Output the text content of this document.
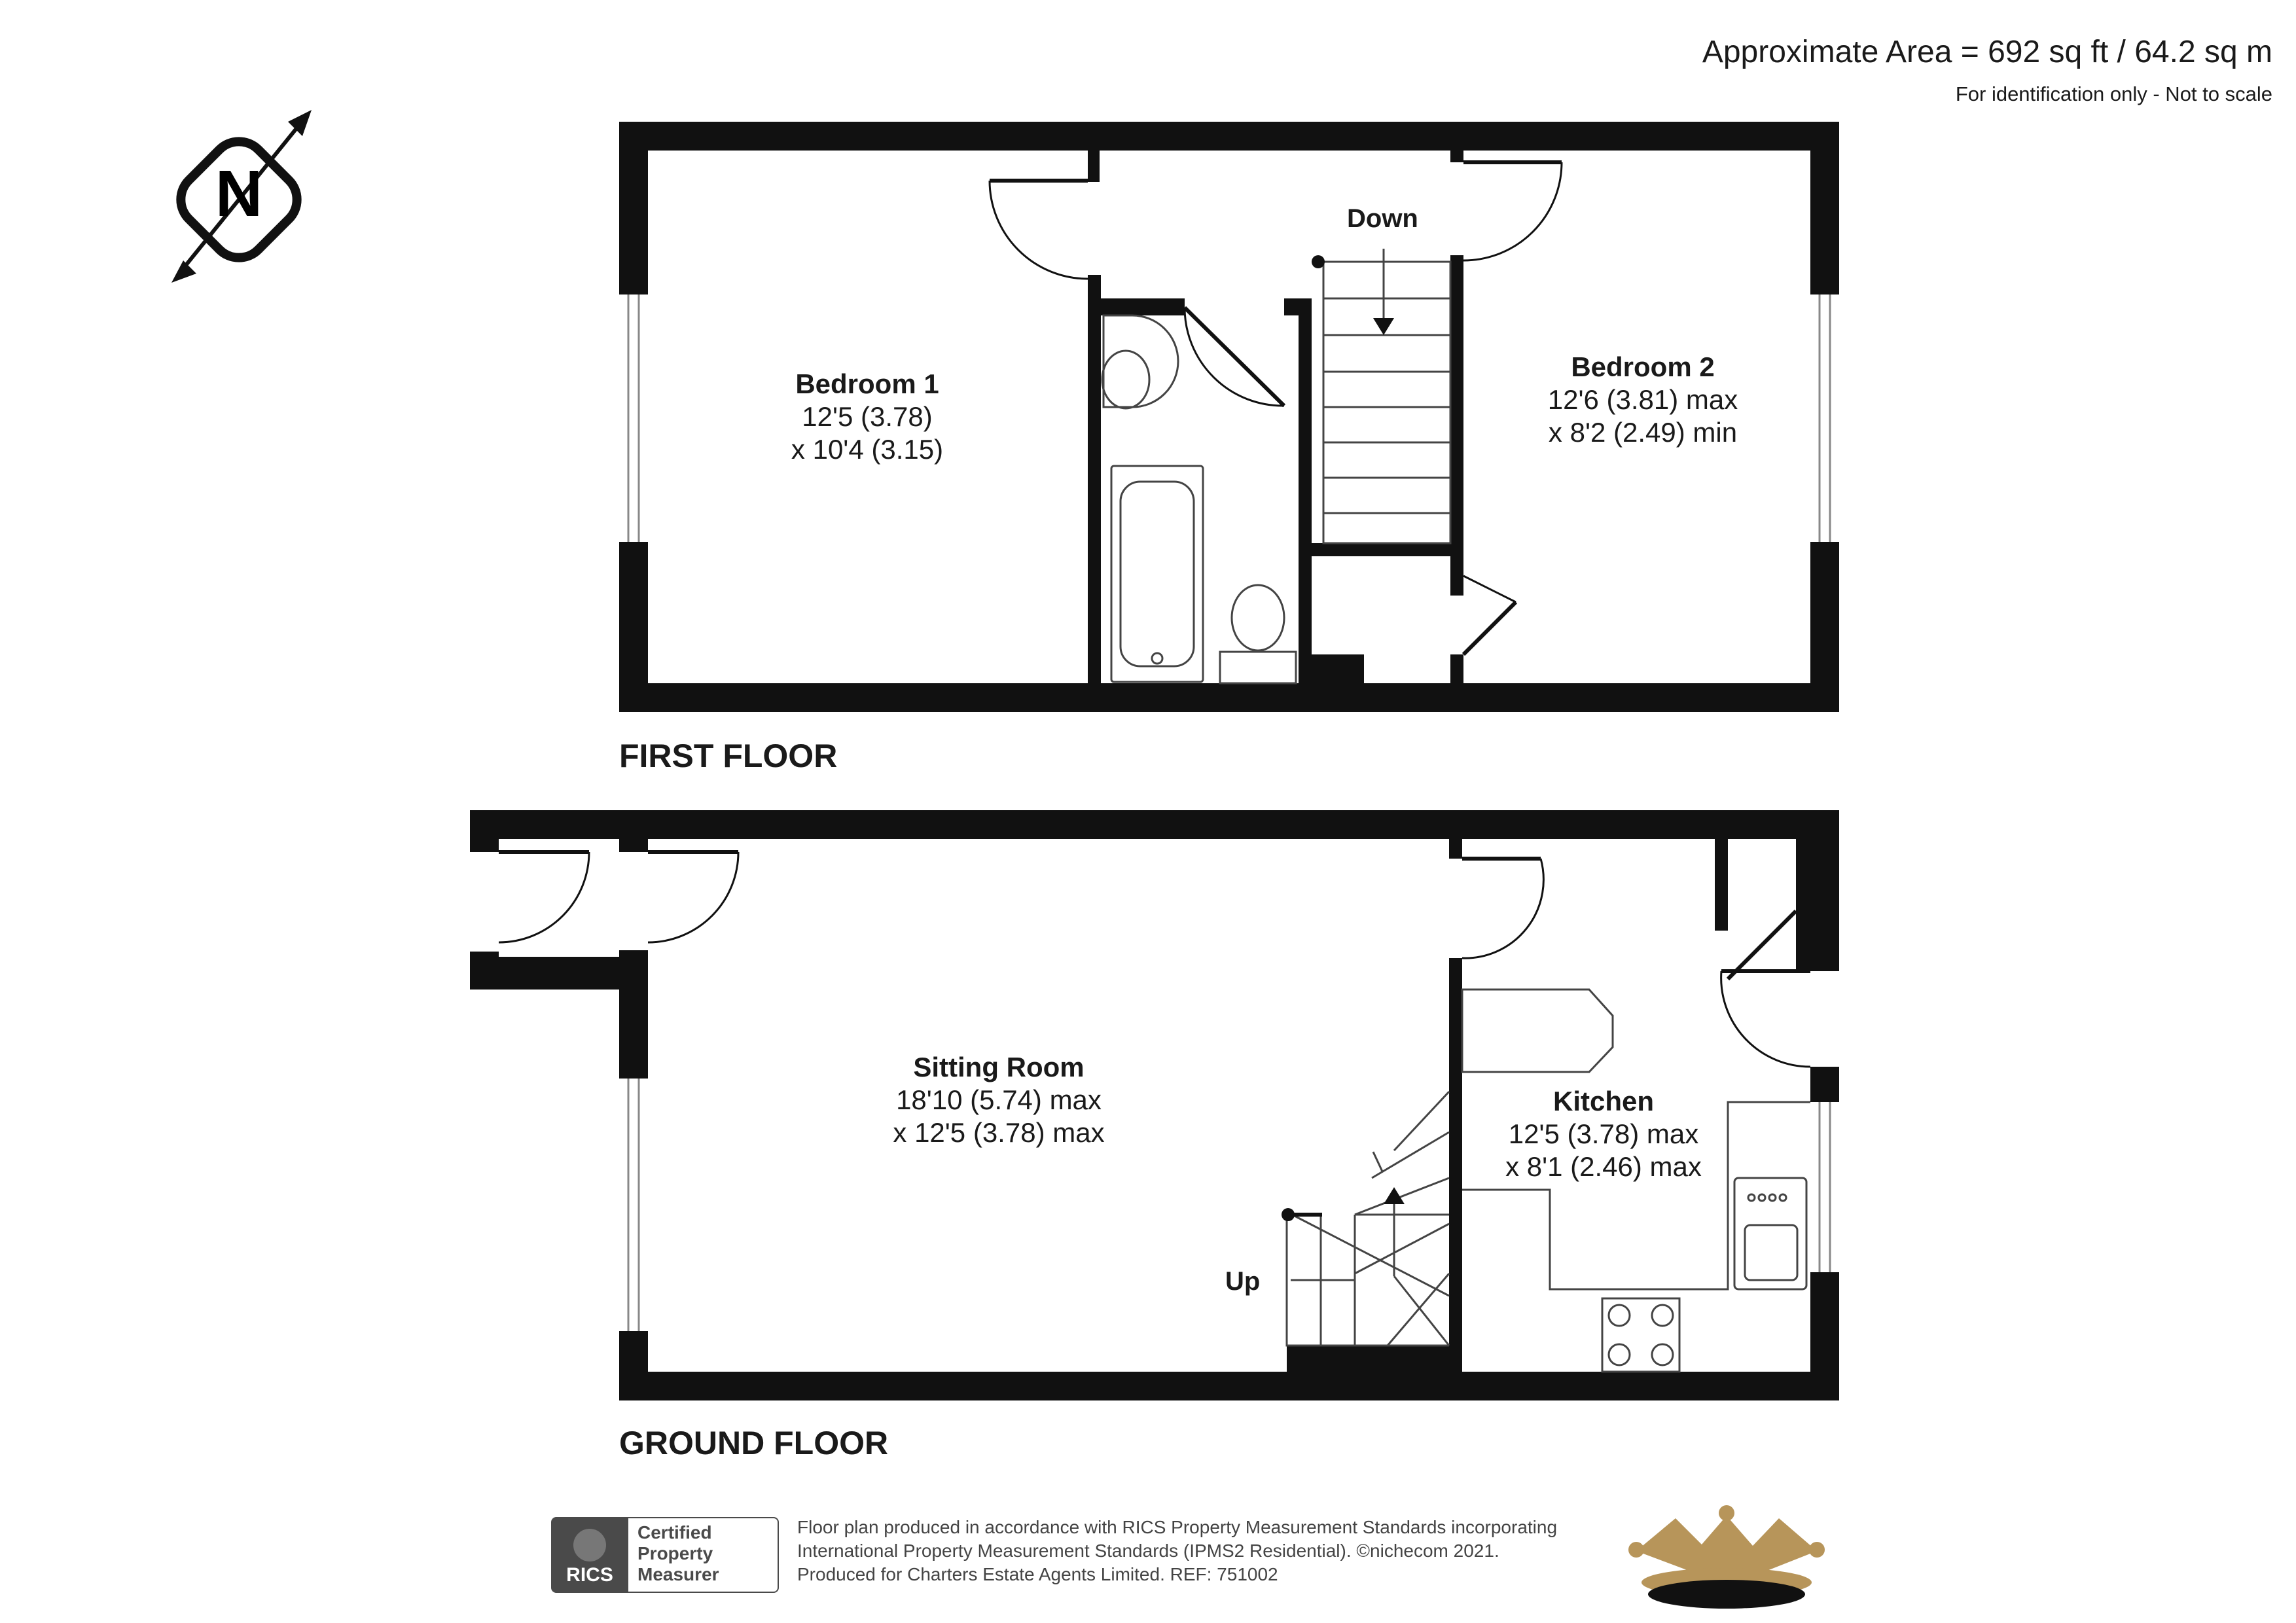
Approximate Area = 692 sq ft / 64.2 sq m
For identification only - Not to scale
N
FIRST FLOOR
GROUND FLOOR
Down
Up
Bedroom 1
12'5 (3.78)
x 10'4 (3.15)
Bedroom 2
12'6 (3.81) max
x 8'2 (2.49) min
Sitting Room
18'10 (5.74) max
x 12'5 (3.78) max
Kitchen
12'5 (3.78) max
x 8'1 (2.46) max
RICS
Certified
Property
Measurer
Floor plan produced in accordance with RICS Property Measurement Standards incorporating
International Property Measurement Standards (IPMS2 Residential). ©nichecom 2021.
Produced for Charters Estate Agents Limited. REF: 751002
